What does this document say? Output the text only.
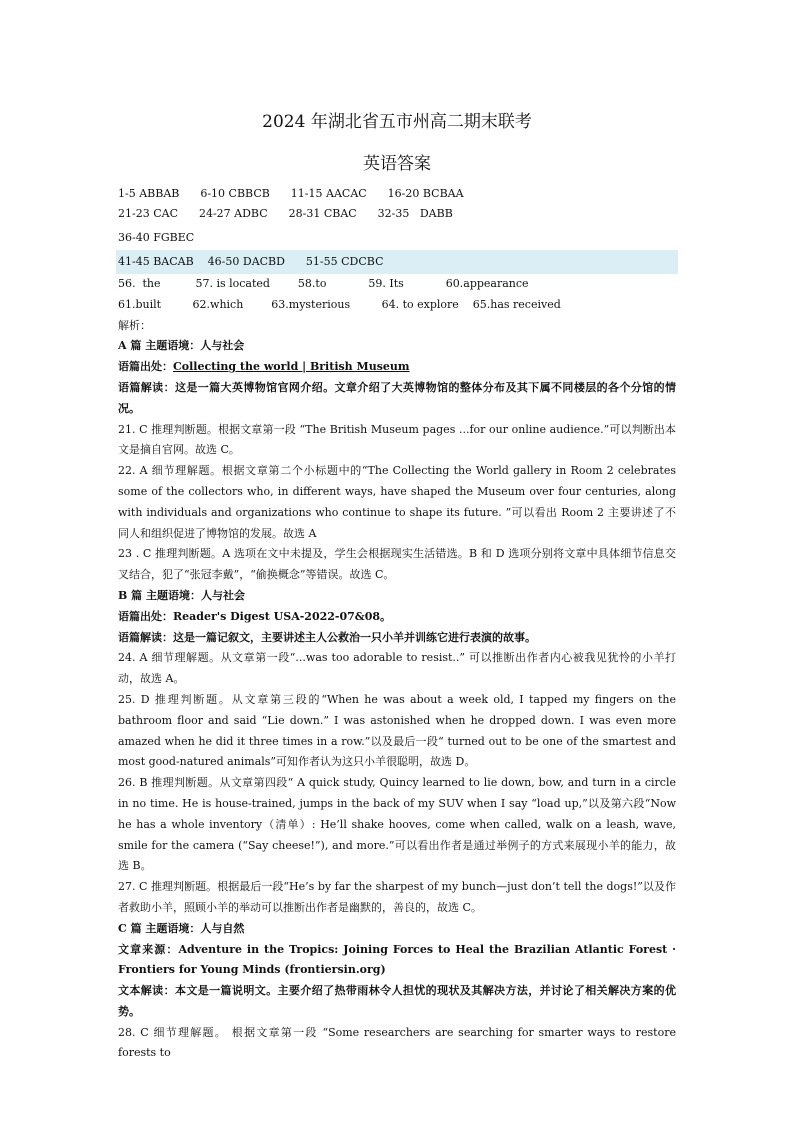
2024 年湖北省五市州高二期末联考
英语答案

1-5 ABBAB      6-10 CBBCB      11-15 AACAC      16-20 BCBAA

21-23 CAC      24-27 ADBC      28-31 CBAC      32-35   DABB

36-40 FGBEC

41-45 BACAB    46-50 DACBD      51-55 CDCBC

56.  the          57. is located        58.to            59. Its            60.appearance

61.built         62.which        63.mysterious         64. to explore    65.has received

解析：

A 篇 主题语境：人与社会

语篇出处：Collecting the world | British Museum

语篇解读：这是一篇大英博物馆官网介绍。文章介绍了大英博物馆的整体分布及其下属不同楼层的各个分馆的情况。

21. C 推理判断题。根据文章第一段 “The British Museum pages ...for our online audience.”可以判断出本文是摘自官网。故选 C。

22. A 细节理解题。根据文章第二个小标题中的“The Collecting the World gallery in Room 2 celebrates some of the collectors who, in different ways, have shaped the Museum over four centuries, along with individuals and organizations who continue to shape its future. ”可以看出 Room 2 主要讲述了不同人和组织促进了博物馆的发展。故选 A

23 . C 推理判断题。A 选项在文中未提及，学生会根据现实生活错选。B 和 D 选项分别将文章中具体细节信息交叉结合，犯了“张冠李戴”，“偷换概念”等错误。故选 C。

B 篇 主题语境：人与社会

语篇出处：Reader's Digest USA-2022-07&08。

语篇解读：这是一篇记叙文，主要讲述主人公救治一只小羊并训练它进行表演的故事。

24. A 细节理解题。从文章第一段“...was too adorable to resist..” 可以推断出作者内心被我见犹怜的小羊打动，故选 A。

25. D 推理判断题。从文章第三段的“When he was about a week old, I tapped my fingers on the bathroom floor and said “Lie down.” I was astonished when he dropped down. I was even more amazed when he did it three times in a row.”以及最后一段“ turned out to be one of the smartest and most good-natured animals”可知作者认为这只小羊很聪明，故选 D。

26. B 推理判断题。从文章第四段“ A quick study, Quincy learned to lie down, bow, and turn in a circle in no time. He is house-trained, jumps in the back of my SUV when I say “load up,”以及第六段“Now he has a whole inventory（清单）: He’ll shake hooves, come when called, walk on a leash, wave, smile for the camera (“Say cheese!”), and more.”可以看出作者是通过举例子的方式来展现小羊的能力，故选 B。

27. C 推理判断题。根据最后一段“He’s by far the sharpest of my bunch—just don’t tell the dogs!”以及作者救助小羊，照顾小羊的举动可以推断出作者是幽默的，善良的，故选 C。

C 篇 主题语境：人与自然

文章来源：Adventure in the Tropics: Joining Forces to Heal the Brazilian Atlantic Forest · Frontiers for Young Minds (frontiersin.org)

文本解读：本文是一篇说明文。主要介绍了热带雨林令人担忧的现状及其解决方法，并讨论了相关解决方案的优势。

28. C 细节理解题。 根据文章第一段 “Some researchers are searching for smarter ways to restore forests to
